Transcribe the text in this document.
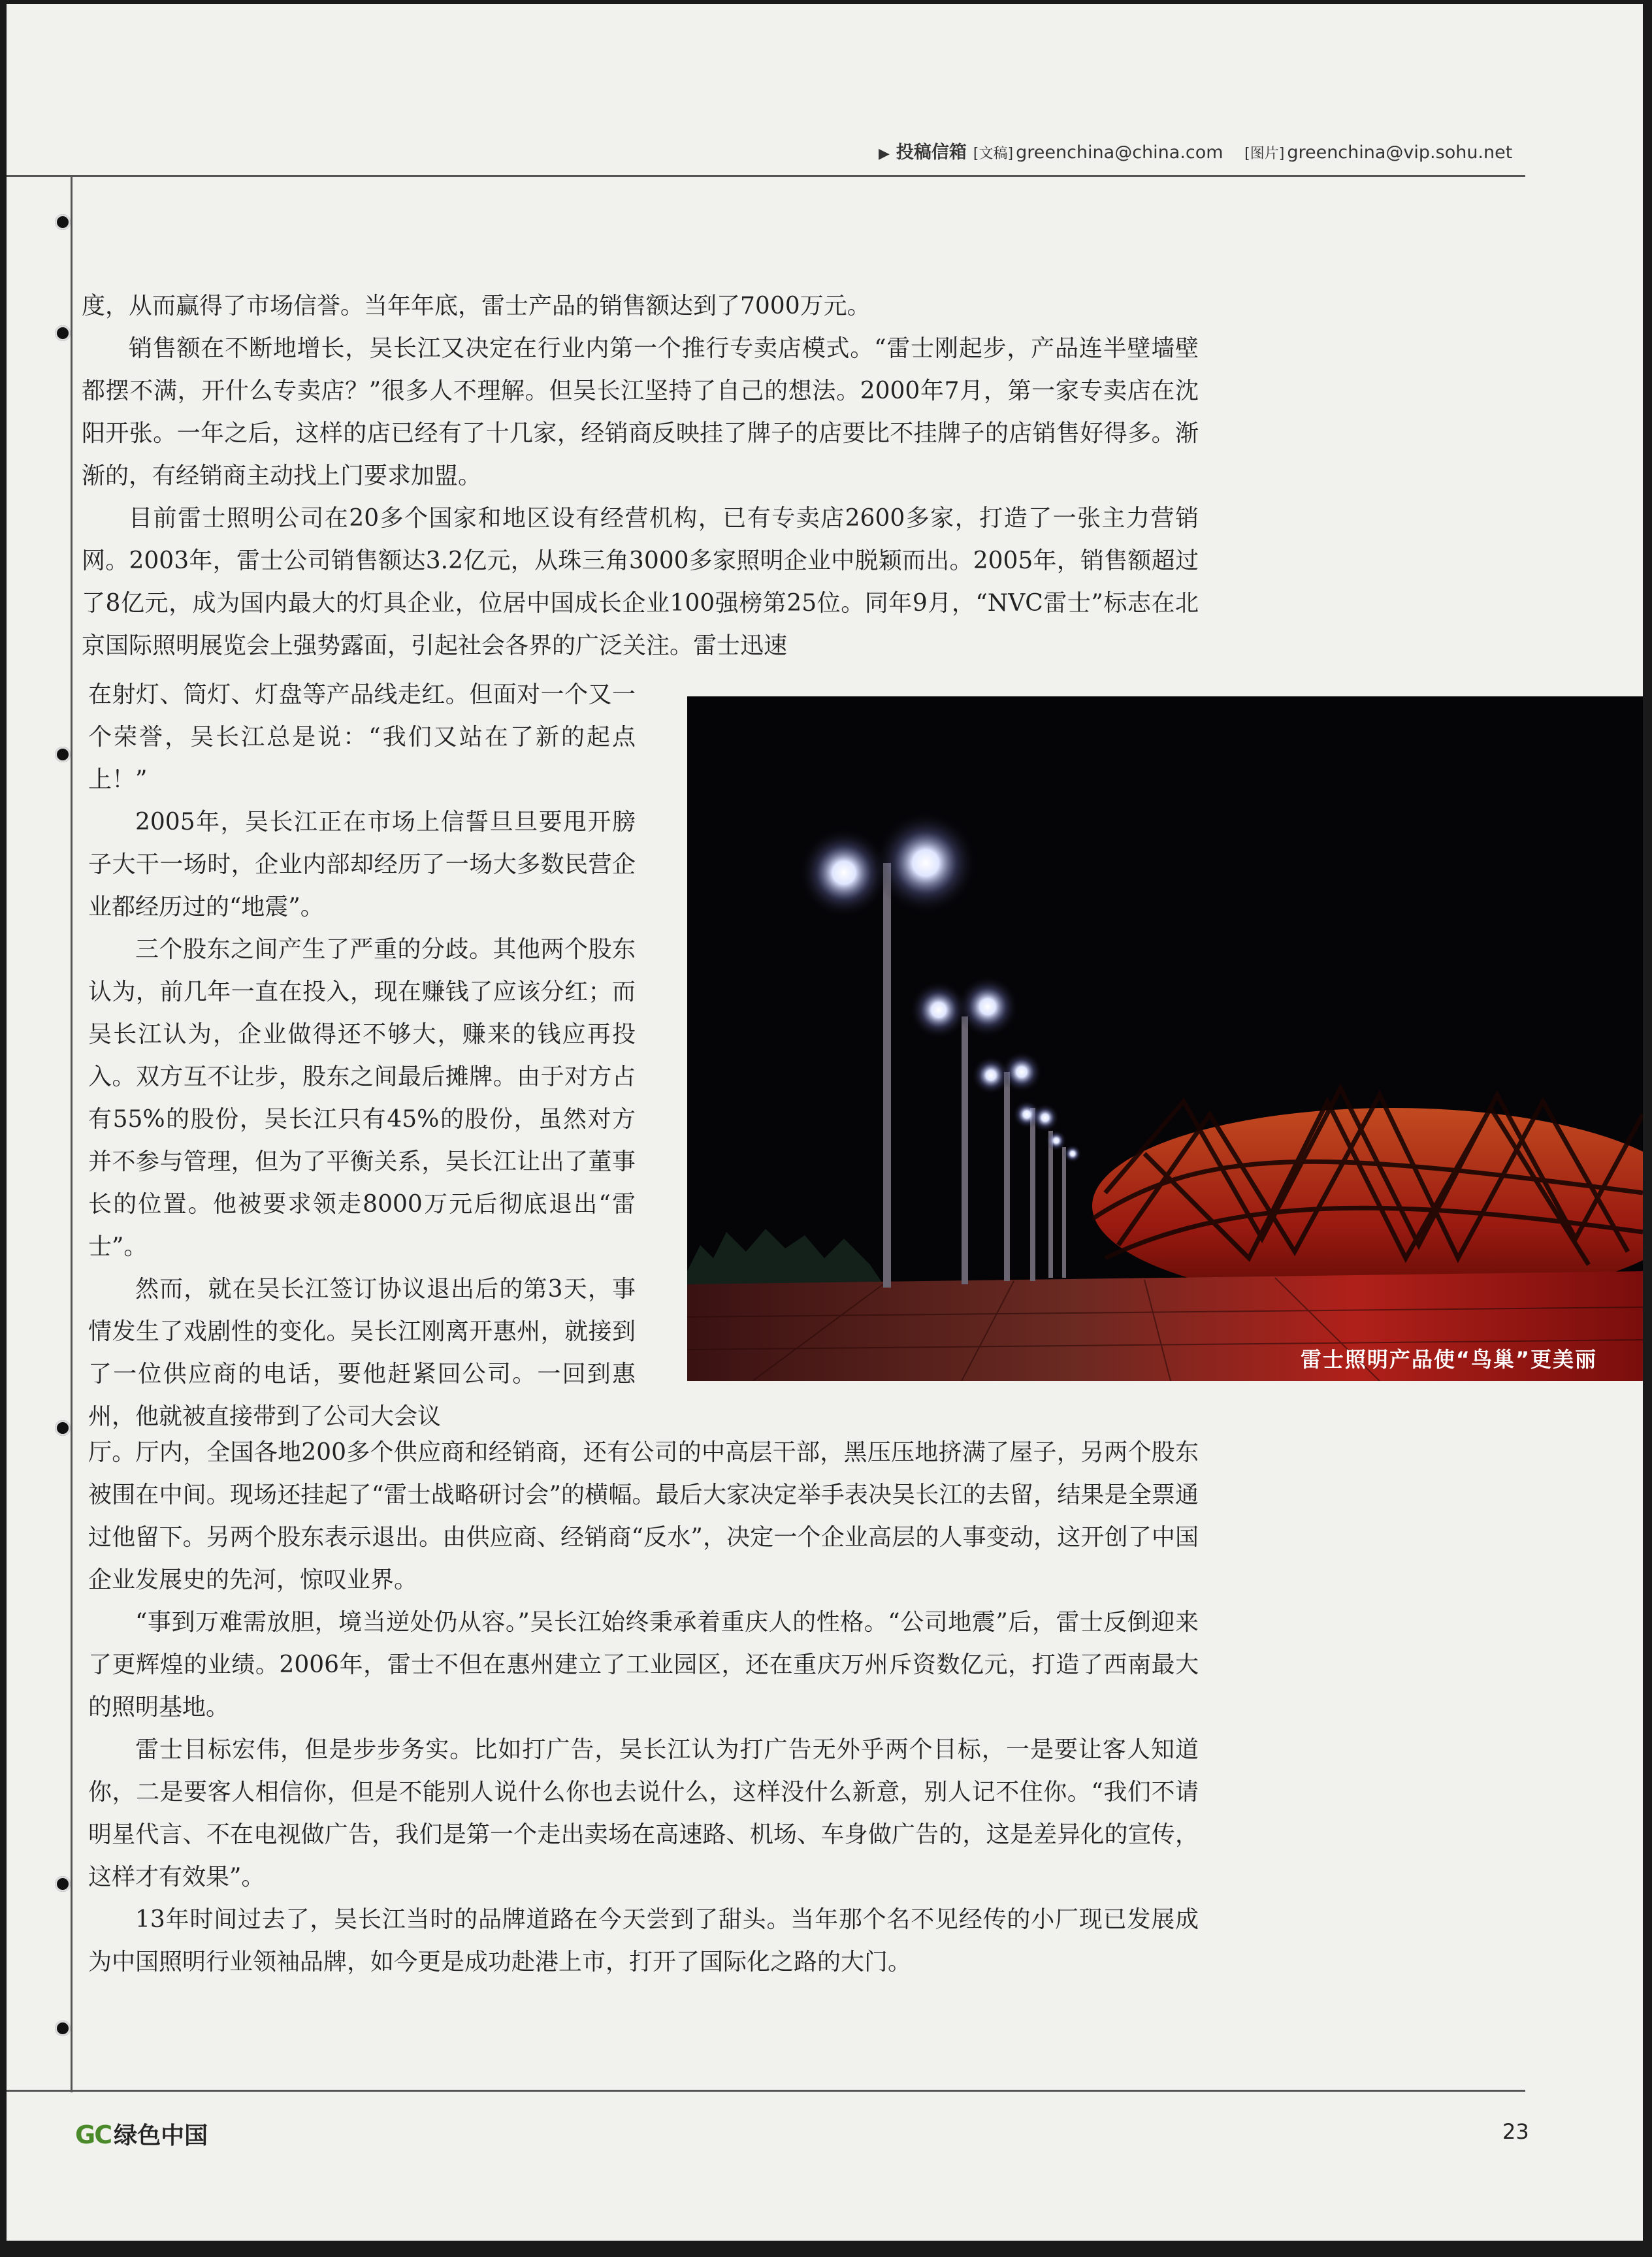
▶ 投稿信箱 [文稿] greenchina@china.com [图片] greenchina@vip.sohu.net

度，从而赢得了市场信誉。当年年底，雷士产品的销售额达到了7000万元。

销售额在不断地增长，吴长江又决定在行业内第一个推行专卖店模式。“雷士刚起步，产品连半壁墙壁都摆不满，开什么专卖店？”很多人不理解。但吴长江坚持了自己的想法。2000年7月，第一家专卖店在沈阳开张。一年之后，这样的店已经有了十几家，经销商反映挂了牌子的店要比不挂牌子的店销售好得多。渐渐的，有经销商主动找上门要求加盟。

目前雷士照明公司在20多个国家和地区设有经营机构，已有专卖店2600多家，打造了一张主力营销网。2003年，雷士公司销售额达3.2亿元，从珠三角3000多家照明企业中脱颖而出。2005年，销售额超过了8亿元，成为国内最大的灯具企业，位居中国成长企业100强榜第25位。同年9月，“NVC雷士”标志在北京国际照明展览会上强势露面，引起社会各界的广泛关注。雷士迅速

在射灯、筒灯、灯盘等产品线走红。但面对一个又一个荣誉，吴长江总是说：“我们又站在了新的起点上！”

2005年，吴长江正在市场上信誓旦旦要甩开膀子大干一场时，企业内部却经历了一场大多数民营企业都经历过的“地震”。

三个股东之间产生了严重的分歧。其他两个股东认为，前几年一直在投入，现在赚钱了应该分红；而吴长江认为，企业做得还不够大，赚来的钱应再投入。双方互不让步，股东之间最后摊牌。由于对方占有55%的股份，吴长江只有45%的股份，虽然对方并不参与管理，但为了平衡关系，吴长江让出了董事长的位置。他被要求领走8000万元后彻底退出“雷士”。

然而，就在吴长江签订协议退出后的第3天，事情发生了戏剧性的变化。吴长江刚离开惠州，就接到了一位供应商的电话，要他赶紧回公司。一回到惠州，他就被直接带到了公司大会议

雷士照明产品使“鸟巢”更美丽

厅。厅内，全国各地200多个供应商和经销商，还有公司的中高层干部，黑压压地挤满了屋子，另两个股东被围在中间。现场还挂起了“雷士战略研讨会”的横幅。最后大家决定举手表决吴长江的去留，结果是全票通过他留下。另两个股东表示退出。由供应商、经销商“反水”，决定一个企业高层的人事变动，这开创了中国企业发展史的先河，惊叹业界。

“事到万难需放胆，境当逆处仍从容。”吴长江始终秉承着重庆人的性格。“公司地震”后，雷士反倒迎来了更辉煌的业绩。2006年，雷士不但在惠州建立了工业园区，还在重庆万州斥资数亿元，打造了西南最大的照明基地。

雷士目标宏伟，但是步步务实。比如打广告，吴长江认为打广告无外乎两个目标，一是要让客人知道你，二是要客人相信你，但是不能别人说什么你也去说什么，这样没什么新意，别人记不住你。“我们不请明星代言、不在电视做广告，我们是第一个走出卖场在高速路、机场、车身做广告的，这是差异化的宣传，这样才有效果”。

13年时间过去了，吴长江当时的品牌道路在今天尝到了甜头。当年那个名不见经传的小厂现已发展成为中国照明行业领袖品牌，如今更是成功赴港上市，打开了国际化之路的大门。

GC 绿色中国	23
